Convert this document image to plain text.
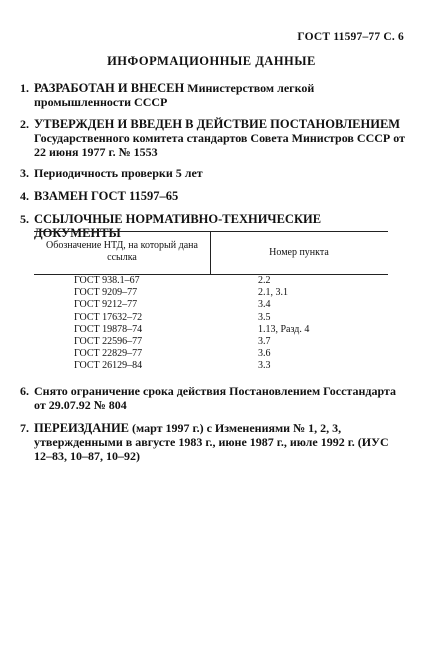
ГОСТ 11597–77 С. 6
ИНФОРМАЦИОННЫЕ ДАННЫЕ
1. РАЗРАБОТАН И ВНЕСЕН Министерством легкой промышленности СССР
2. УТВЕРЖДЕН И ВВЕДЕН В ДЕЙСТВИЕ ПОСТАНОВЛЕНИЕМ Государственного комитета стандартов Совета Министров СССР от 22 июня 1977 г. № 1553
3. Периодичность проверки 5 лет
4. ВЗАМЕН ГОСТ 11597–65
5. ССЫЛОЧНЫЕ НОРМАТИВНО-ТЕХНИЧЕСКИЕ ДОКУМЕНТЫ
Обозначение НТД, на который дана ссылка	Номер пункта
ГОСТ 938.1–67	2.2
ГОСТ 9209–77	2.1, 3.1
ГОСТ 9212–77	3.4
ГОСТ 17632–72	3.5
ГОСТ 19878–74	1.13, Разд. 4
ГОСТ 22596–77	3.7
ГОСТ 22829–77	3.6
ГОСТ 26129–84	3.3
6. Снято ограничение срока действия Постановлением Госстандарта от 29.07.92 № 804
7. ПЕРЕИЗДАНИЕ (март 1997 г.) с Изменениями № 1, 2, 3, утвержденными в августе 1983 г., июне 1987 г., июле 1992 г. (ИУС 12–83, 10–87, 10–92)
